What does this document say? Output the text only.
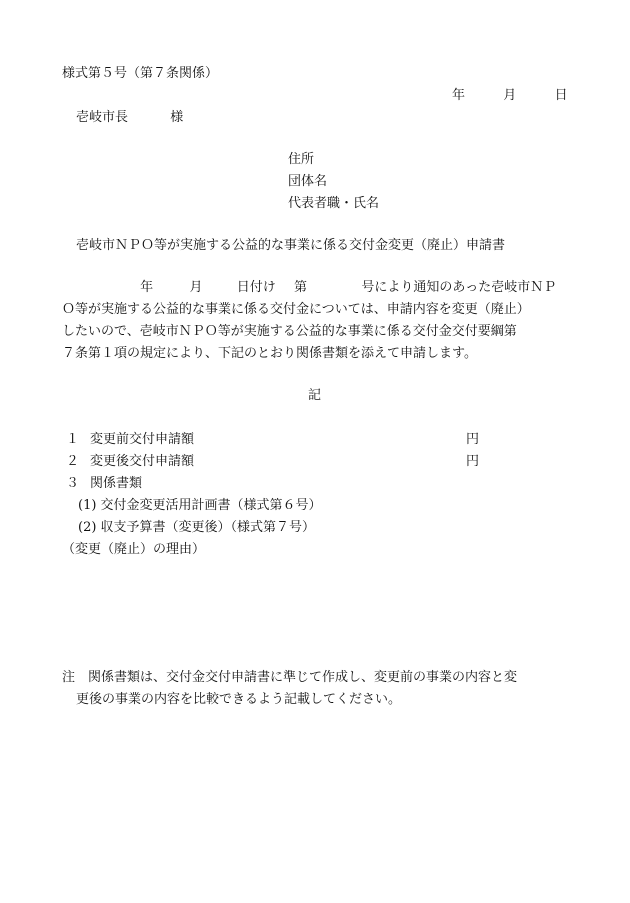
様式第５号（第７条関係）
年	月	日
壱岐市長	様
住所
団体名
代表者職・氏名
壱岐市ＮＰＯ等が実施する公益的な事業に係る交付金変更（廃止）申請書
年	月	日付け 第	号により通知のあった壱岐市ＮＰ
Ｏ等が実施する公益的な事業に係る交付金については、申請内容を変更（廃止）
したいので、壱岐市ＮＰＯ等が実施する公益的な事業に係る交付金交付要綱第
７条第１項の規定により、下記のとおり関係書類を添えて申請します。
記
１ 変更前交付申請額	円
２ 変更後交付申請額	円
３ 関係書類
(1) 交付金変更活用計画書（様式第６号）
(2) 収支予算書（変更後）（様式第７号）
（変更（廃止）の理由）
注　関係書類は、交付金交付申請書に準じて作成し、変更前の事業の内容と変
更後の事業の内容を比較できるよう記載してください。
